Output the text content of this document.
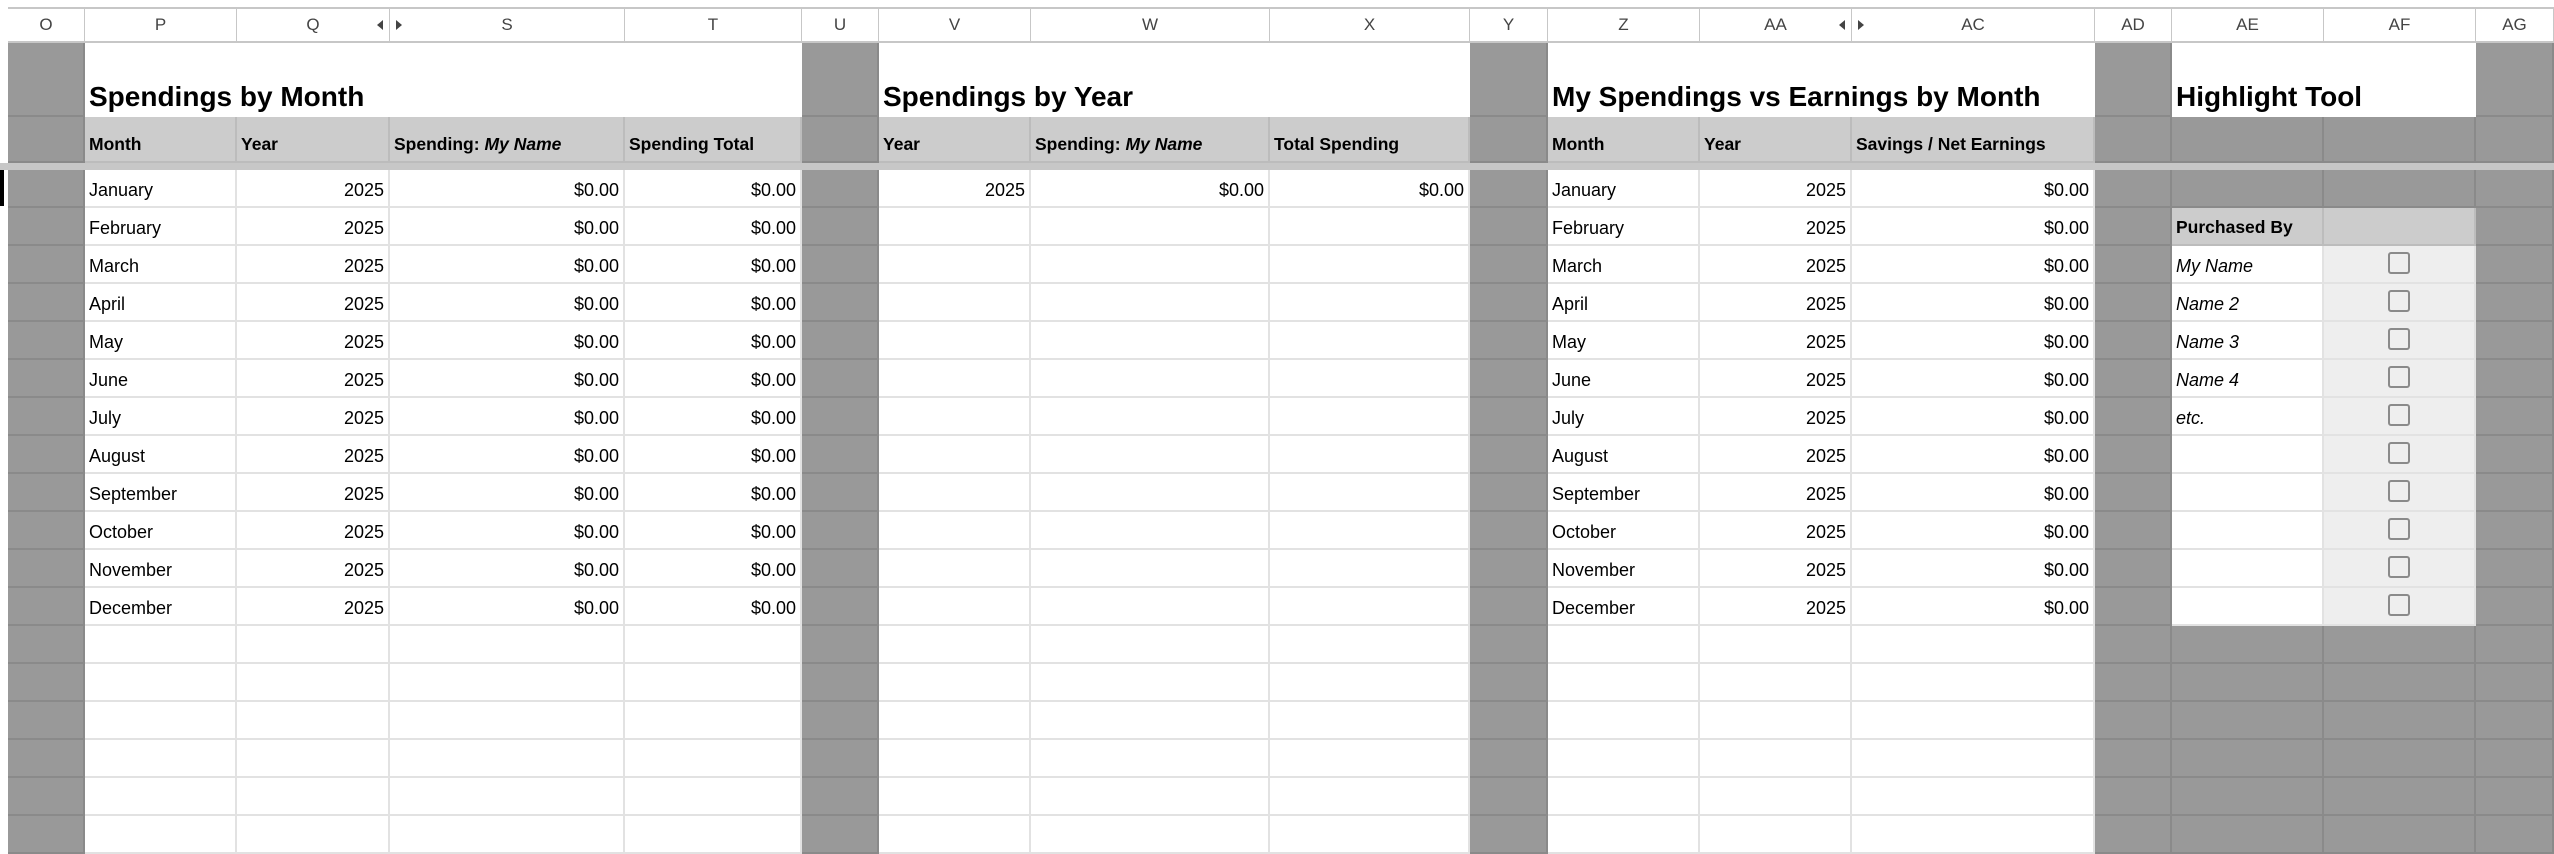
O	P	Q	S	T	U	V	W	X	Y	Z	AA	AC	AD	AE	AF	AG
Spendings by Month
Month	Year	Spending: My Name	Spending Total
January	2025	$0.00	$0.00
February	2025	$0.00	$0.00
March	2025	$0.00	$0.00
April	2025	$0.00	$0.00
May	2025	$0.00	$0.00
June	2025	$0.00	$0.00
July	2025	$0.00	$0.00
August	2025	$0.00	$0.00
September	2025	$0.00	$0.00
October	2025	$0.00	$0.00
November	2025	$0.00	$0.00
December	2025	$0.00	$0.00
Spendings by Year
Year	Spending: My Name	Total Spending
2025	$0.00	$0.00
My Spendings vs Earnings by Month
Month	Year	Savings / Net Earnings
January	2025	$0.00
February	2025	$0.00
March	2025	$0.00
April	2025	$0.00
May	2025	$0.00
June	2025	$0.00
July	2025	$0.00
August	2025	$0.00
September	2025	$0.00
October	2025	$0.00
November	2025	$0.00
December	2025	$0.00
Highlight Tool
Purchased By
My Name
Name 2
Name 3
Name 4
etc.
